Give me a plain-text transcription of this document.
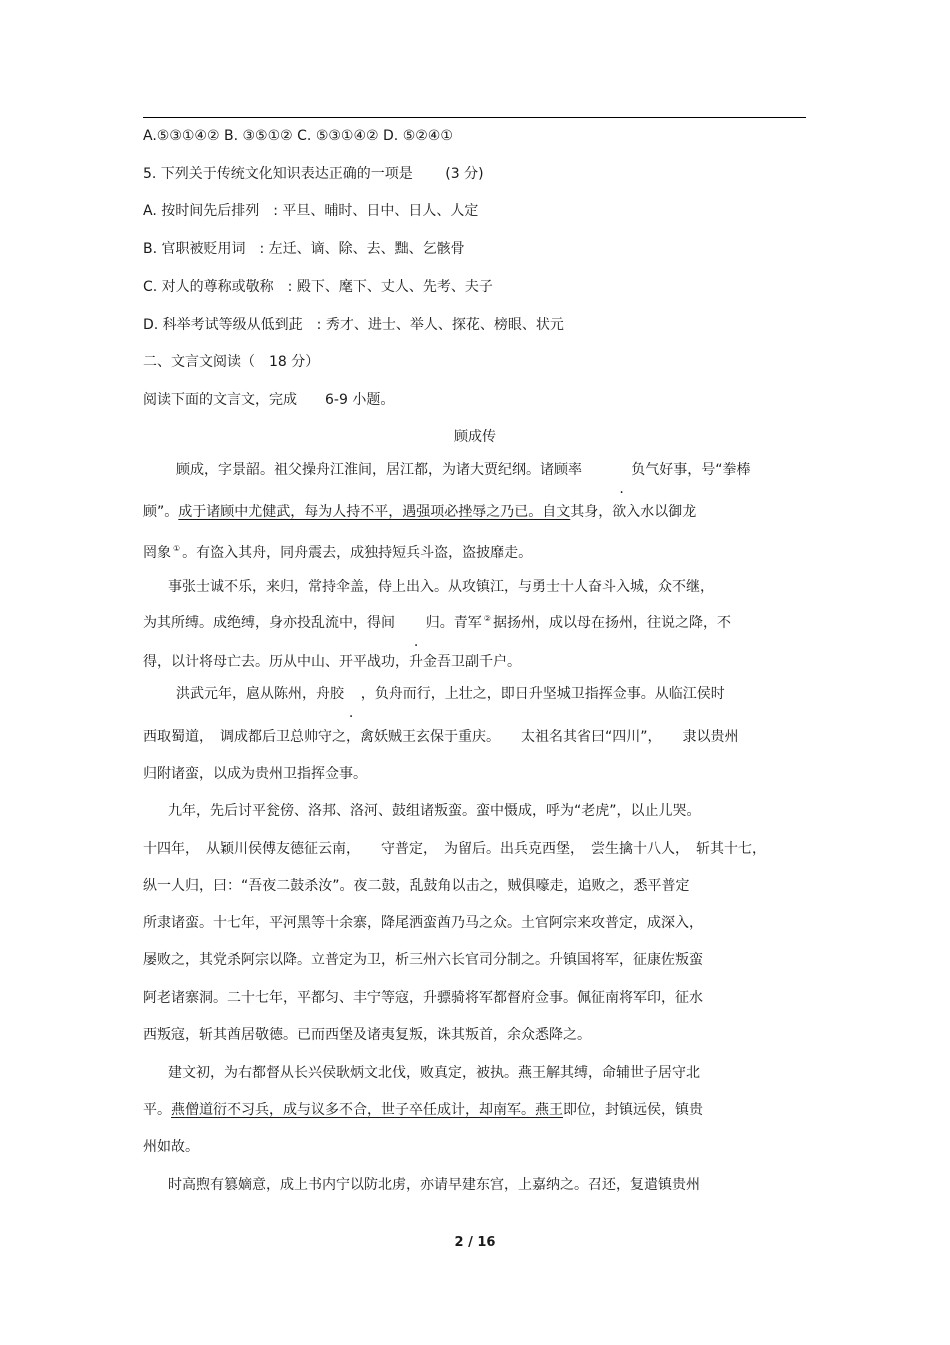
A.⑤③①④② B. ③⑤①② C. ⑤③①④② D. ⑤②④①
5. 下列关于传统文化知识表达正确的一项是　　 (3 分)
A. 按时间先后排列　: 平旦、晡时、日中、日人、人定
B. 官职被贬用词　: 左迁、谪、除、去、黜、乞骸骨
C. 对人的尊称或敬称　: 殿下、麾下、丈人、先考、夫子
D. 科举考试等级从低到茈　: 秀才、进士、举人、探花、榜眼、状元
二、文言文阅读（　18 分）
阅读下面的文言文，完成　　6-9 小题。
顾成传
顾成，字景韶。祖父操舟江淮间，居江都，为诸大贾纪纲。诸顾率　　	负气好事，号“拳棒
顾”。成于诸顾中尤健武，每为人持不平，遇强项必挫辱之乃已。自文其身，欲入水以御龙
罔象 ① 。有盗入其舟，同舟震去，成独持短兵斗盗，盗披靡走。
事张士诚不乐，来归，常持伞盖，侍上出入。从攻镇江，与勇士十人奋斗入城，众不继，
为其所缚。成绝缚，身亦投乱流中，得间　 归。青军 ② 据扬州，成以母在扬州，往说之降，不
得，以计将母亡去。历从中山、开平战功，升金吾卫副千户。
洪武元年，扈从陈州，舟胶 ，负舟而行，上壮之，即日升坚城卫指挥佥事。从临江侯时
西取蜀道，　调成都后卫总帅守之，禽妖贼王玄保于重庆。　　太祖名其省曰“四川”，　　隶以贵州
归附诸蛮，以成为贵州卫指挥佥事。
九年，先后讨平瓮傍、洛邦、洛河、鼓组诸叛蛮。蛮中慑成，呼为“老虎”，以止儿哭。
十四年，　从颖川侯傅友德征云南，　　守普定，　为留后。出兵克西堡，　尝生擒十八人，　斩其十七，
纵一人归，曰：“吾夜二鼓杀汝”。夜二鼓，乱鼓角以击之，贼俱嚎走，追败之，悉平普定
所隶诸蛮。十七年，平河黑等十余寨，降尾洒蛮酋乃马之众。土官阿宗来攻普定，成深入，
屡败之，其党杀阿宗以降。立普定为卫，析三州六长官司分制之。升镇国将军，征康佐叛蛮
阿老诸寨洞。二十七年，平都匀、丰宁等寇，升骠骑将军都督府佥事。佩征南将军印，征水
西叛寇，斩其酋居敬德。已而西堡及诸夷复叛，诛其叛首，余众悉降之。
建文初，为右都督从长兴侯耿炳文北伐，败真定，被执。燕王解其缚，命辅世子居守北
平。燕僧道衍不习兵，成与议多不合，世子卒任成计，却南军。燕王即位，封镇远侯，镇贵
州如故。
时高煦有篡嫡意，成上书内宁以防北虏，亦请早建东宫，上嘉纳之。召还，复遣镇贵州
2 / 16
